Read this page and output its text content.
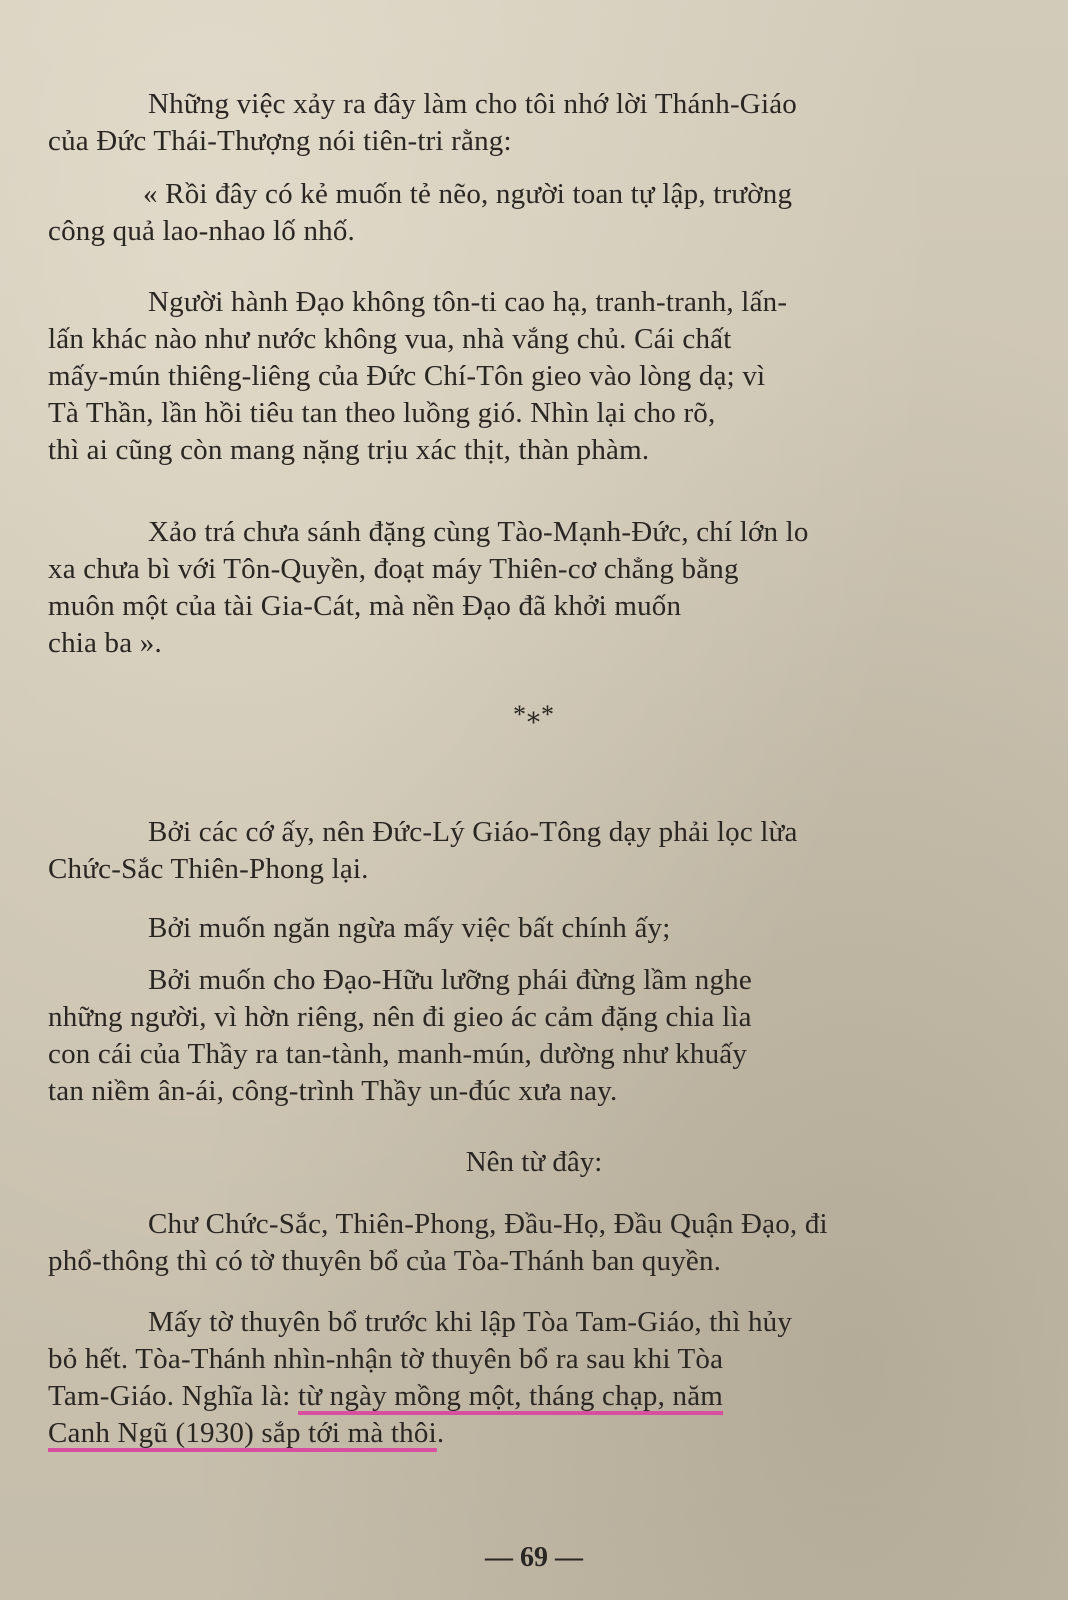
Những việc xảy ra đây làm cho tôi nhớ lời Thánh-Giáo
của Đức Thái-Thượng nói tiên-tri rằng:
« Rồi đây có kẻ muốn tẻ nẽo, người toan tự lập, trường
công quả lao-nhao lố nhố.
Người hành Đạo không tôn-ti cao hạ, tranh-tranh, lấn-
lấn khác nào như nước không vua, nhà vắng chủ. Cái chất
mấy-mún thiêng-liêng của Đức Chí-Tôn gieo vào lòng dạ; vì
Tà Thần, lần hồi tiêu tan theo luồng gió. Nhìn lại cho rõ,
thì ai cũng còn mang nặng trịu xác thịt, thàn phàm.
Xảo trá chưa sánh đặng cùng Tào-Mạnh-Đức, chí lớn lo
xa chưa bì với Tôn-Quyền, đoạt máy Thiên-cơ chẳng bằng
muôn một của tài Gia-Cát, mà nền Đạo đã khởi muốn
chia ba ».
*⁎*
Bởi các cớ ấy, nên Đức-Lý Giáo-Tông dạy phải lọc lừa
Chức-Sắc Thiên-Phong lại.
Bởi muốn ngăn ngừa mấy việc bất chính ấy;
Bởi muốn cho Đạo-Hữu lưỡng phái đừng lầm nghe
những người, vì hờn riêng, nên đi gieo ác cảm đặng chia lìa
con cái của Thầy ra tan-tành, manh-mún, dường như khuấy
tan niềm ân-ái, công-trình Thầy un-đúc xưa nay.
Nên từ đây:
Chư Chức-Sắc, Thiên-Phong, Đầu-Họ, Đầu Quận Đạo, đi
phổ-thông thì có tờ thuyên bổ của Tòa-Thánh ban quyền.
Mấy tờ thuyên bổ trước khi lập Tòa Tam-Giáo, thì hủy
bỏ hết. Tòa-Thánh nhìn-nhận tờ thuyên bổ ra sau khi Tòa
Tam-Giáo. Nghĩa là: từ ngày mồng một, tháng chạp, năm
Canh Ngũ (1930) sắp tới mà thôi.
— 69 —
